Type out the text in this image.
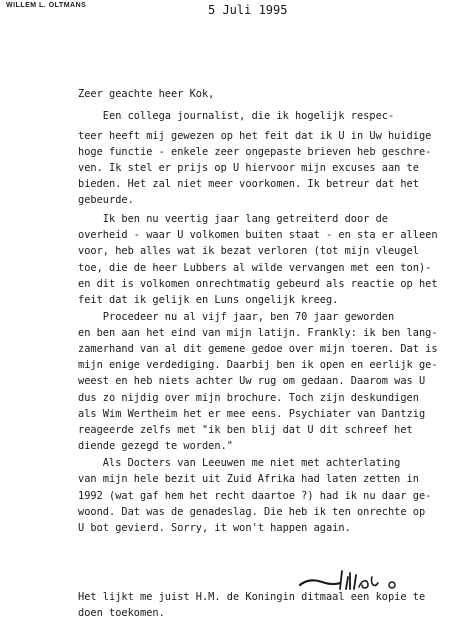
WILLEM L. OLTMANS	5 Juli 1995
Zeer geachte heer Kok,
Een collega journalist, die ik hogelijk respec-
teer heeft mij gewezen op het feit dat ik U in Uw huidige
hoge functie - enkele zeer ongepaste brieven heb geschre-
ven. Ik stel er prijs op U hiervoor mijn excuses aan te
bieden. Het zal niet meer voorkomen. Ik betreur dat het
gebeurde.
Ik ben nu veertig jaar lang getreiterd door de
overheid - waar U volkomen buiten staat - en sta er alleen
voor, heb alles wat ik bezat verloren (tot mijn vleugel
toe, die de heer Lubbers al wilde vervangen met een ton)-
en dit is volkomen onrechtmatig gebeurd als reactie op het
feit dat ik gelijk en Luns ongelijk kreeg.
Procedeer nu al vijf jaar, ben 70 jaar geworden
en ben aan het eind van mijn latijn. Frankly: ik ben lang-
zamerhand van al dit gemene gedoe over mijn toeren. Dat is
mijn enige verdediging. Daarbij ben ik open en eerlijk ge-
weest en heb niets achter Uw rug om gedaan. Daarom was U
dus zo nijdig over mijn brochure. Toch zijn deskundigen
als Wim Wertheim het er mee eens. Psychiater van Dantzig
reageerde zelfs met "ik ben blij dat U dit schreef het
diende gezegd te worden."
Als Docters van Leeuwen me niet met achterlating
van mijn hele bezit uit Zuid Afrika had laten zetten in
1992 (wat gaf hem het recht daartoe ?) had ik nu daar ge-
woond. Dat was de genadeslag. Die heb ik ten onrechte op
U bot gevierd. Sorry, it won't happen again.
Het lijkt me juist H.M. de Koningin ditmaal een kopie te
doen toekomen.
